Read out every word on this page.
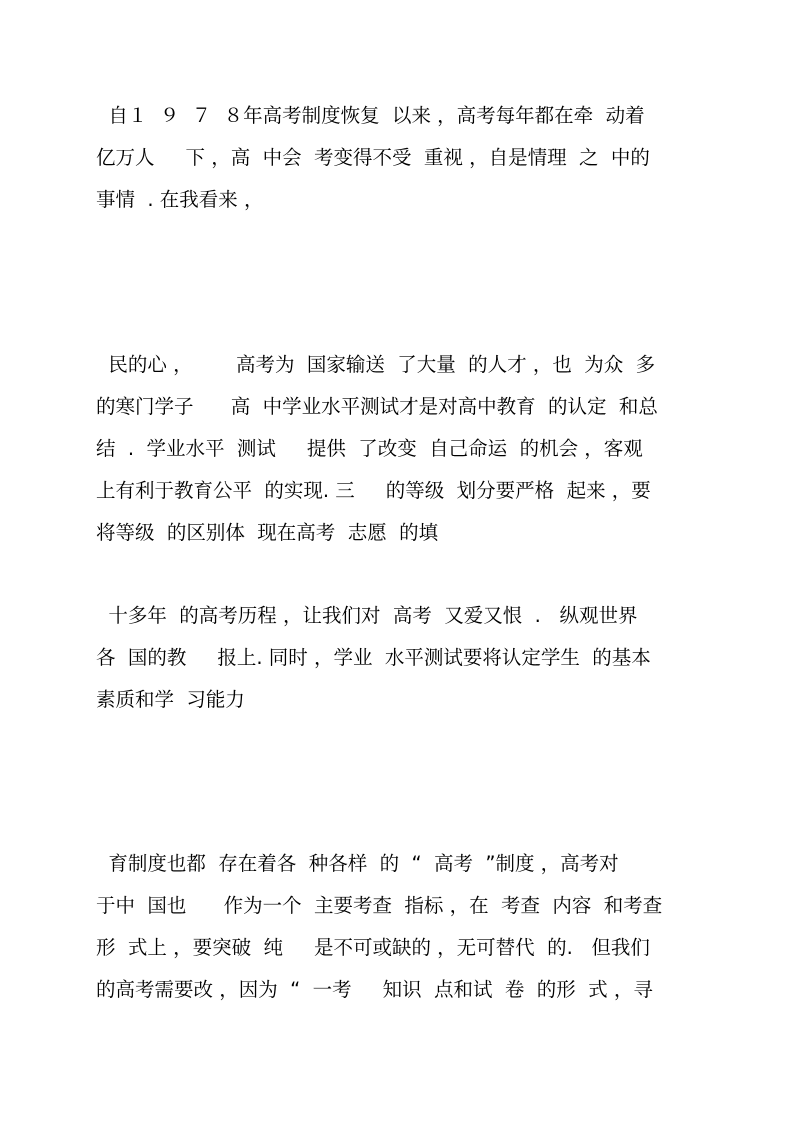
自１  ９  ７  ８年高考制度恢复  以来 ，高考每年都在牵  动着
亿万人     下 ，高  中会  考变得不受  重视 ，自是情理  之  中的
事情  . 在我看来 ，
民的心 ，       高考为  国家输送  了大量  的人才 ，也  为众  多
的寒门学子      高  中学业水平测试才是对高中教育  的认定  和总
结  .  学业水平  测试     提供  了改变  自己命运  的机会 ，客观
上有利于教育公平  的实现. 三     的等级  划分要严格  起来 ，要
将等级  的区别体  现在高考  志愿  的填
十多年  的高考历程 ，让我们对  高考  又爱又恨  .   纵观世界
各  国的教     报上. 同时 ，学业  水平测试要将认定学生  的基本
素质和学  习能力
育制度也都  存在着各  种各样  的  “  高考  ”制度 ，高考对
于中  国也      作为一个  主要考查  指标 ，在  考查  内容  和考查
形  式上 ，要突破  纯     是不可或缺的 ，无可替代  的.   但我们
的高考需要改 ，因为  “  一考     知识  点和试  卷  的形  式 ，寻
